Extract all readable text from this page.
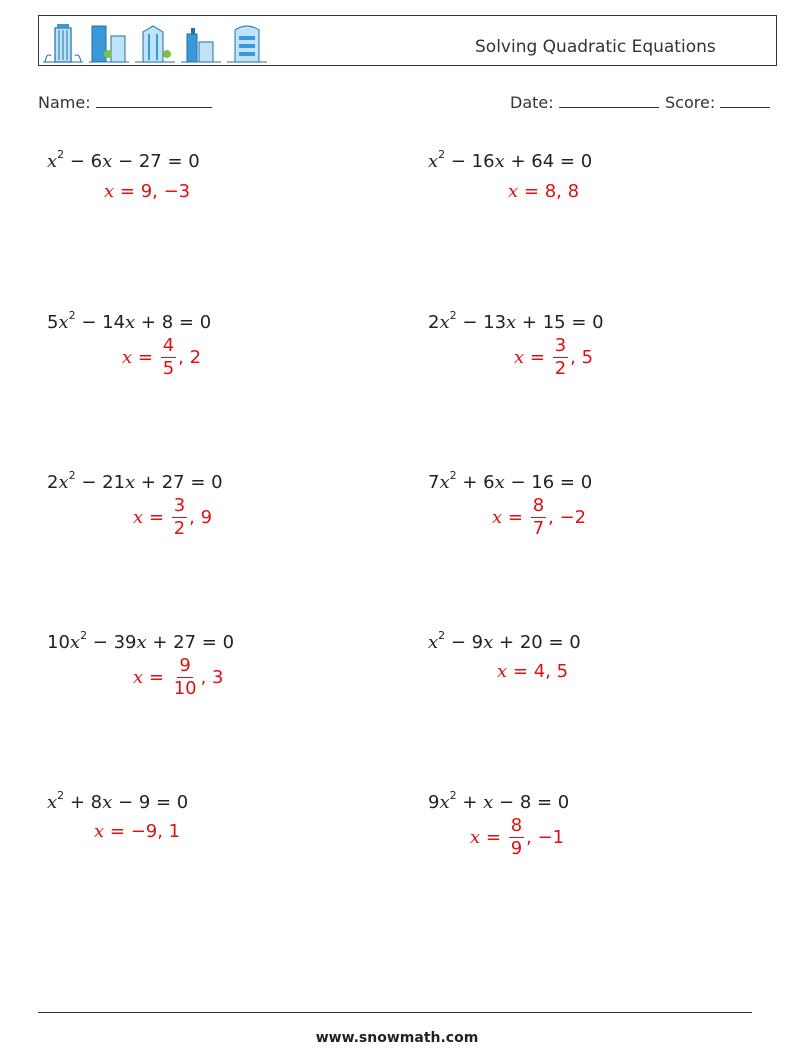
Solving Quadratic Equations
Name:	Date:	Score:
$x^2 - 6x - 27 = 0$
x = 9, −3
$x^2 - 16x + 64 = 0$
x = 8, 8
$5x^2 - 14x + 8 = 0$
$x = \frac{4}{5}$ , 2
$2x^2 - 13x + 15 = 0$
$x = \frac{3}{2}$ , 5
$2x^2 - 21x + 27 = 0$
$x = \frac{3}{2}$ , 9
$7x^2 + 6x - 16 = 0$
$x = \frac{8}{7}$ , −2
$10x^2 - 39x + 27 = 0$
$x = \frac{9}{10}$ , 3
$x^2 - 9x + 20 = 0$
x = 4, 5
$x^2 + 8x - 9 = 0$
x = −9, 1
$9x^2 + x - 8 = 0$
$x = \frac{8}{9}$ , −1
www.snowmath.com
